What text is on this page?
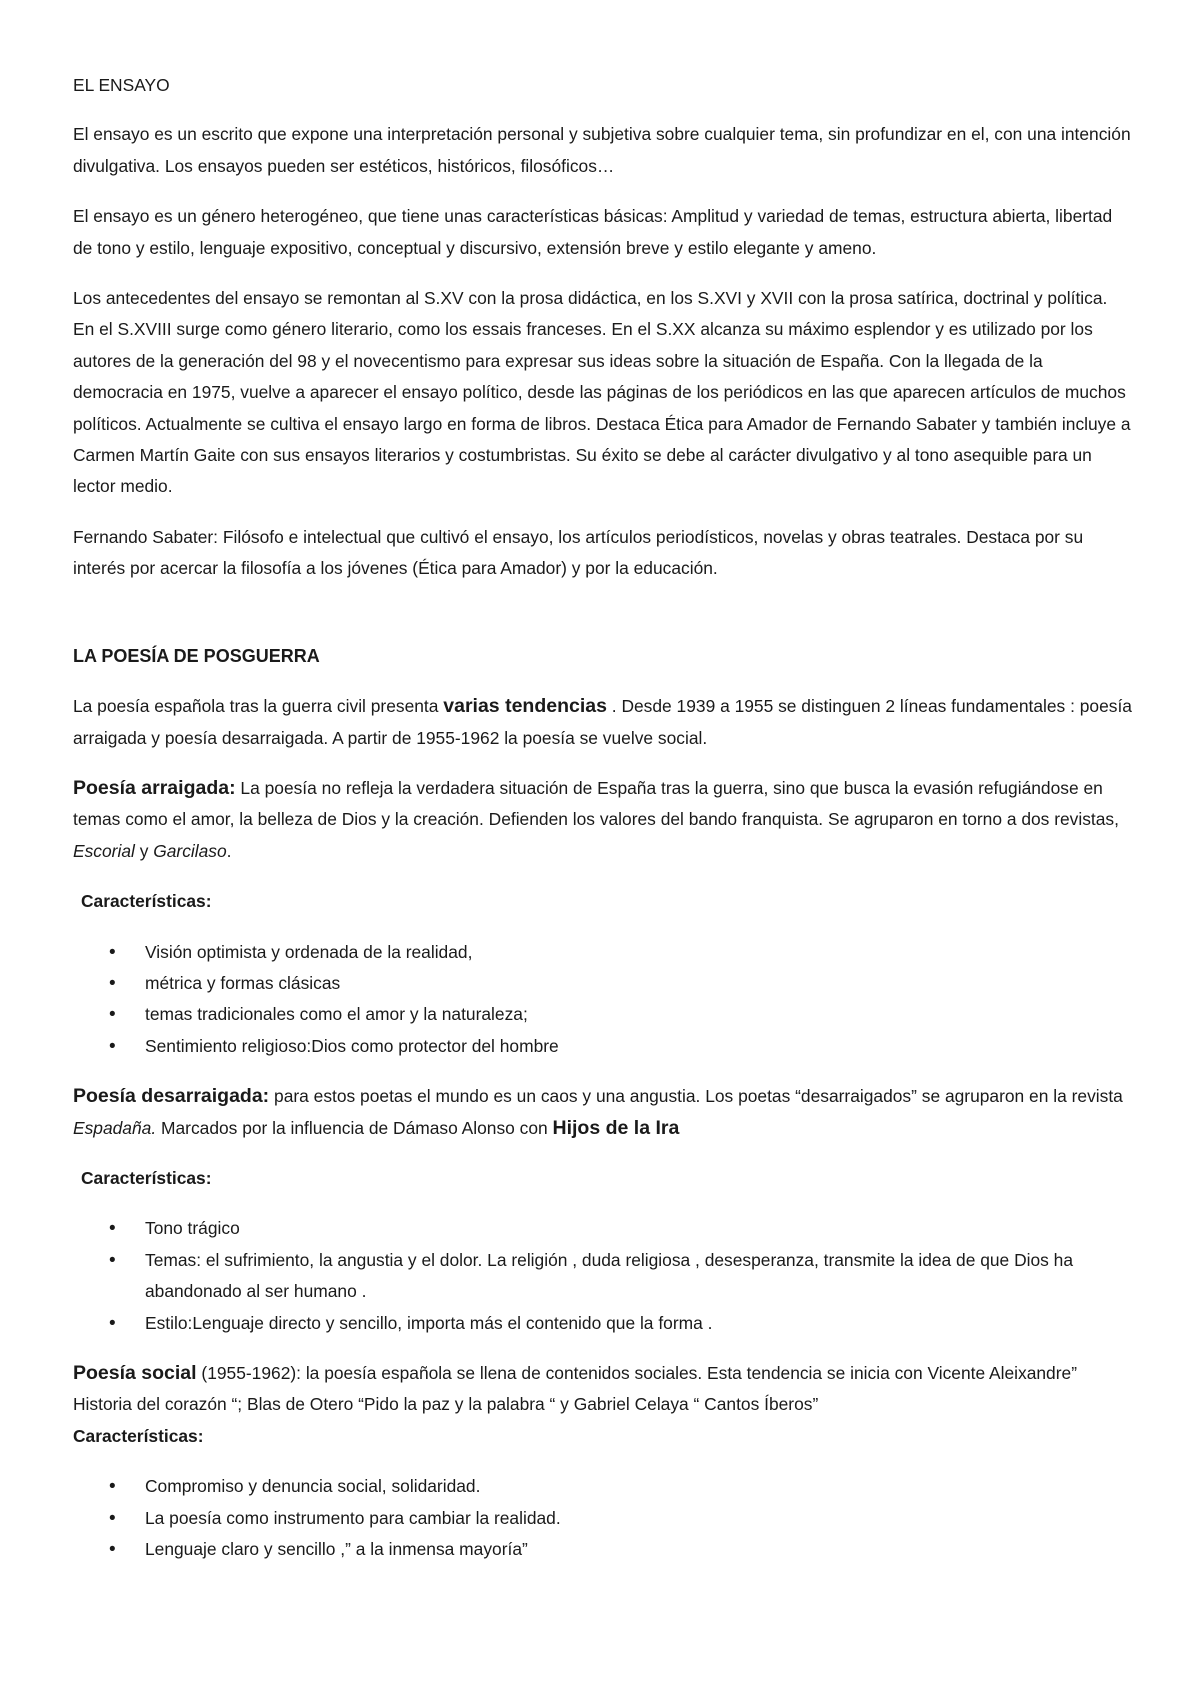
EL ENSAYO

El ensayo es un escrito que expone una interpretación personal y subjetiva sobre cualquier tema, sin profundizar en el, con una intención divulgativa. Los ensayos pueden ser estéticos, históricos, filosóficos…

El ensayo es un género heterogéneo, que tiene unas características básicas: Amplitud y variedad de temas, estructura abierta, libertad de tono y estilo, lenguaje expositivo, conceptual y discursivo, extensión breve y estilo elegante y ameno.

Los antecedentes del ensayo se remontan al S.XV con la prosa didáctica, en los S.XVI y XVII con la prosa satírica, doctrinal y política. En el S.XVIII surge como género literario, como los essais franceses. En el S.XX alcanza su máximo esplendor y es utilizado por los autores de la generación del 98 y el novecentismo para expresar sus ideas sobre la situación de España. Con la llegada de la democracia en 1975, vuelve a aparecer el ensayo político, desde las páginas de los periódicos en las que aparecen artículos de muchos políticos. Actualmente se cultiva el ensayo largo en forma de libros. Destaca Ética para Amador de Fernando Sabater y también incluye a Carmen Martín Gaite con sus ensayos literarios y costumbristas. Su éxito se debe al carácter divulgativo y al tono asequible para un lector medio.

Fernando Sabater: Filósofo e intelectual que cultivó el ensayo, los artículos periodísticos, novelas y obras teatrales. Destaca por su interés por acercar la filosofía a los jóvenes (Ética para Amador) y por la educación.

LA POESÍA DE POSGUERRA

La poesía española tras la guerra civil presenta varias tendencias . Desde 1939 a 1955 se distinguen 2 líneas fundamentales : poesía arraigada y poesía desarraigada. A partir de 1955-1962 la poesía se vuelve social.

Poesía arraigada: La poesía no refleja la verdadera situación de España tras la guerra, sino que busca la evasión refugiándose en temas como el amor, la belleza de Dios y la creación. Defienden los valores del bando franquista. Se agruparon en torno a dos revistas, Escorial y Garcilaso.

Características:

• Visión optimista y ordenada de la realidad,
• métrica y formas clásicas
• temas tradicionales como el amor y la naturaleza;
• Sentimiento religioso:Dios como protector del hombre

Poesía desarraigada: para estos poetas el mundo es un caos y una angustia. Los poetas “desarraigados” se agruparon en la revista Espadaña. Marcados por la influencia de Dámaso Alonso con Hijos de la Ira

Características:

• Tono trágico
• Temas: el sufrimiento, la angustia y el dolor. La religión , duda religiosa , desesperanza, transmite la idea de que Dios ha abandonado al ser humano .
• Estilo:Lenguaje directo y sencillo, importa más el contenido que la forma .

Poesía social (1955-1962): la poesía española se llena de contenidos sociales. Esta tendencia se inicia con Vicente Aleixandre” Historia del corazón “; Blas de Otero “Pido la paz y la palabra “ y Gabriel Celaya “ Cantos Íberos”

Características:

• Compromiso y denuncia social, solidaridad.
• La poesía como instrumento para cambiar la realidad.
• Lenguaje claro y sencillo ,” a la inmensa mayoría”
